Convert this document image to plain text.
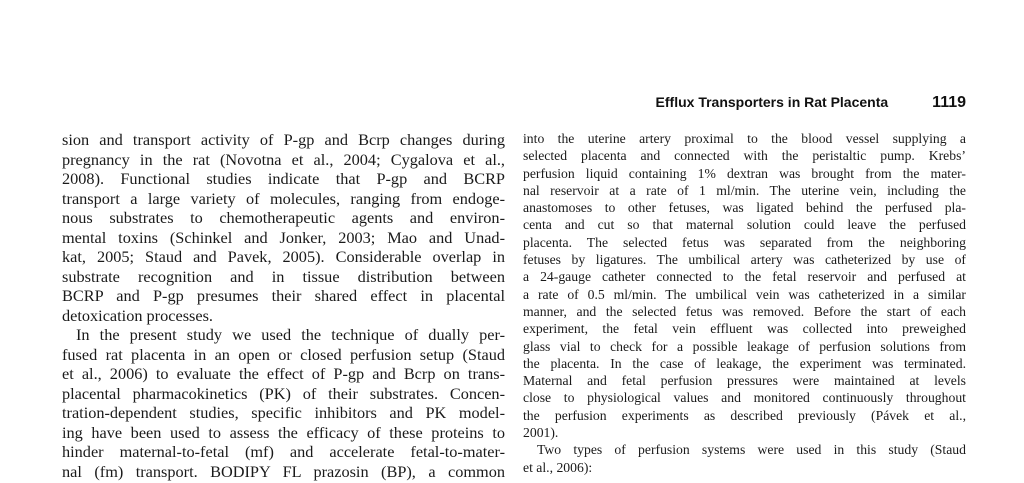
Efflux Transporters in Rat Placenta	1119
sion and transport activity of P-gp and Bcrp changes during
pregnancy in the rat (Novotna et al., 2004; Cygalova et al.,
2008). Functional studies indicate that P-gp and BCRP
transport a large variety of molecules, ranging from endoge-
nous substrates to chemotherapeutic agents and environ-
mental toxins (Schinkel and Jonker, 2003; Mao and Unad-
kat, 2005; Staud and Pavek, 2005). Considerable overlap in
substrate recognition and in tissue distribution between
BCRP and P-gp presumes their shared effect in placental
detoxication processes.
In the present study we used the technique of dually per-
fused rat placenta in an open or closed perfusion setup (Staud
et al., 2006) to evaluate the effect of P-gp and Bcrp on trans-
placental pharmacokinetics (PK) of their substrates. Concen-
tration-dependent studies, specific inhibitors and PK model-
ing have been used to assess the efficacy of these proteins to
hinder maternal-to-fetal (mf) and accelerate fetal-to-mater-
nal (fm) transport. BODIPY FL prazosin (BP), a common
into the uterine artery proximal to the blood vessel supplying a
selected placenta and connected with the peristaltic pump. Krebs’
perfusion liquid containing 1% dextran was brought from the mater-
nal reservoir at a rate of 1 ml/min. The uterine vein, including the
anastomoses to other fetuses, was ligated behind the perfused pla-
centa and cut so that maternal solution could leave the perfused
placenta. The selected fetus was separated from the neighboring
fetuses by ligatures. The umbilical artery was catheterized by use of
a 24-gauge catheter connected to the fetal reservoir and perfused at
a rate of 0.5 ml/min. The umbilical vein was catheterized in a similar
manner, and the selected fetus was removed. Before the start of each
experiment, the fetal vein effluent was collected into preweighed
glass vial to check for a possible leakage of perfusion solutions from
the placenta. In the case of leakage, the experiment was terminated.
Maternal and fetal perfusion pressures were maintained at levels
close to physiological values and monitored continuously throughout
the perfusion experiments as described previously (Pávek et al.,
2001).
Two types of perfusion systems were used in this study (Staud
et al., 2006):
